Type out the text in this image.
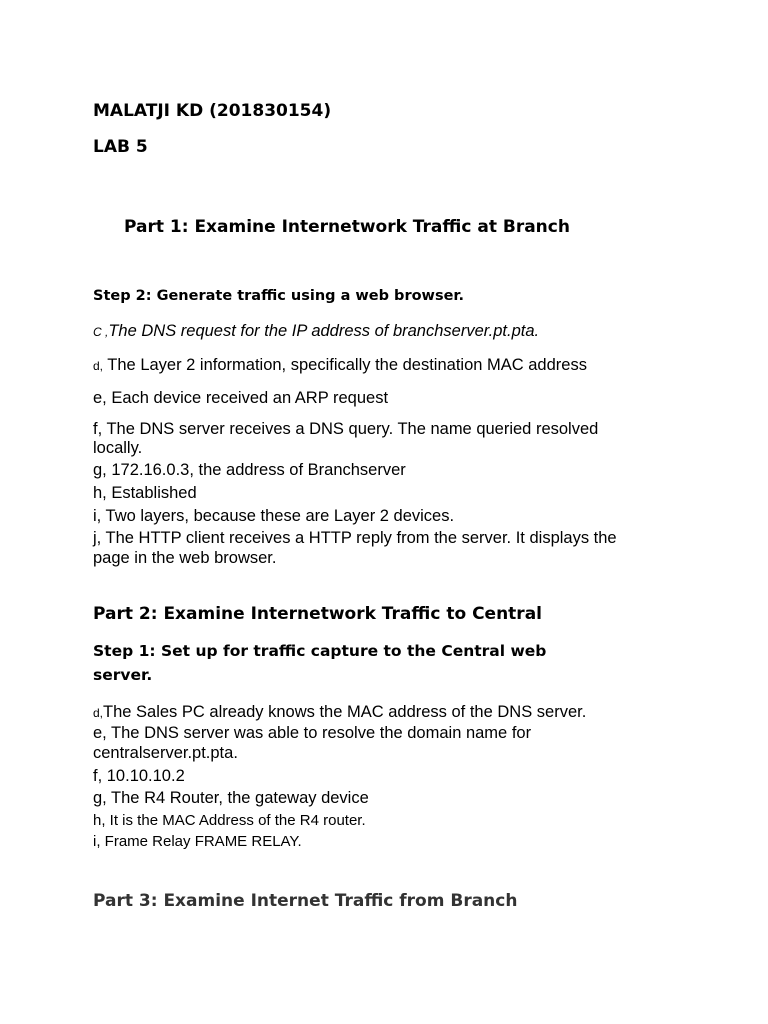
MALATJI KD (201830154)

LAB 5

Part 1: Examine Internetwork Traffic at Branch

Step 2: Generate traffic using a web browser.

C ,The DNS request for the IP address of branchserver.pt.pta.

d, The Layer 2 information, specifically the destination MAC address

e, Each device received an ARP request

f, The DNS server receives a DNS query. The name queried resolved

locally.

g, 172.16.0.3, the address of Branchserver

h, Established

i, Two layers, because these are Layer 2 devices.

j, The HTTP client receives a HTTP reply from the server. It displays the

page in the web browser.

Part 2: Examine Internetwork Traffic to Central

Step 1: Set up for traffic capture to the Central web

server.

d,The Sales PC already knows the MAC address of the DNS server.

e, The DNS server was able to resolve the domain name for

centralserver.pt.pta.

f, 10.10.10.2

g, The R4 Router, the gateway device

h, It is the MAC Address of the R4 router.

i, Frame Relay FRAME RELAY.

Part 3: Examine Internet Traffic from Branch
